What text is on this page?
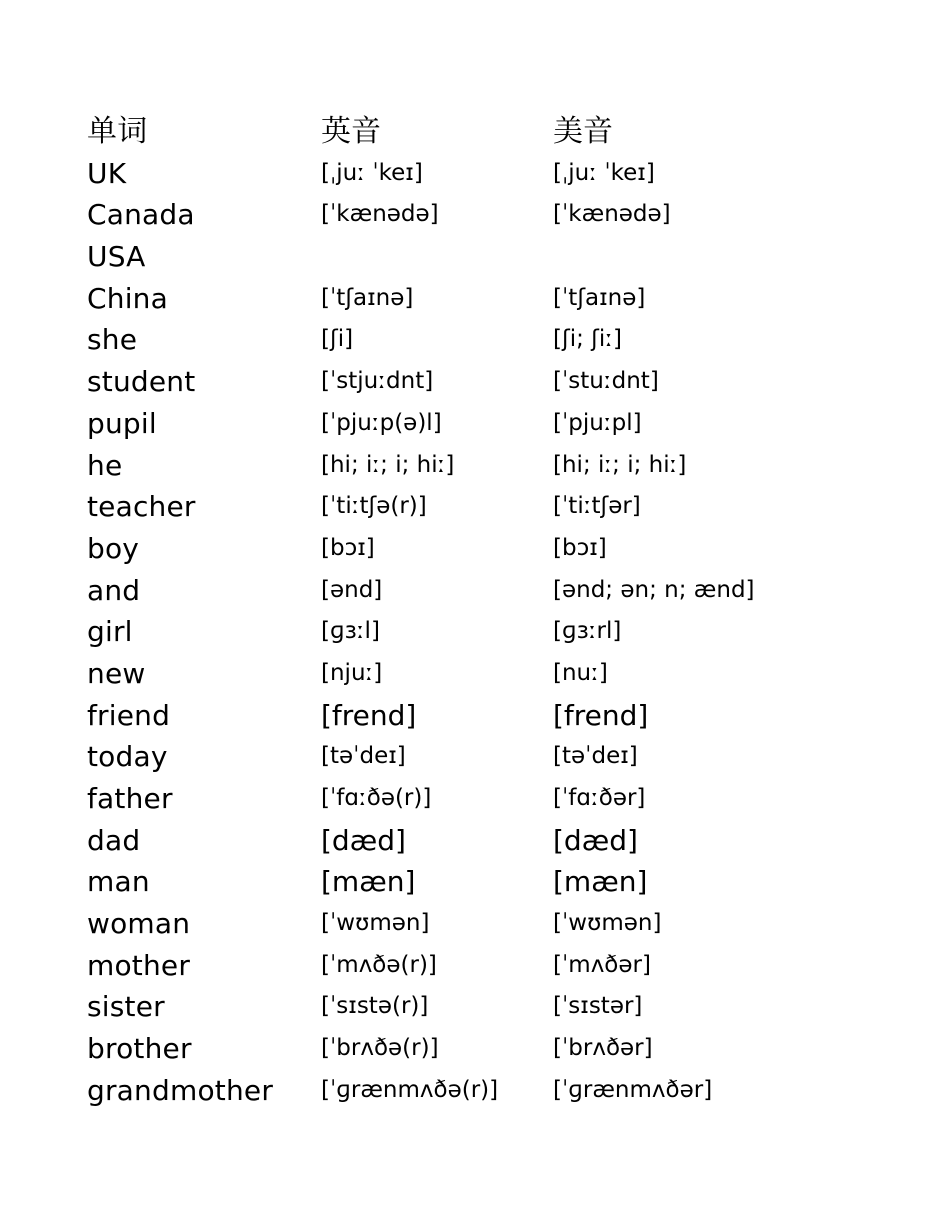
单词	英音	美音
UK	[ˌjuː ˈkeɪ]	[ˌjuː ˈkeɪ]
Canada	[ˈkænədə]	[ˈkænədə]
USA
China	[ˈtʃaɪnə]	[ˈtʃaɪnə]
she	[ʃi]	[ʃi; ʃiː]
student	[ˈstjuːdnt]	[ˈstuːdnt]
pupil	[ˈpjuːp(ə)l]	[ˈpjuːpl]
he	[hi; iː; i; hiː]	[hi; iː; i; hiː]
teacher	[ˈtiːtʃə(r)]	[ˈtiːtʃər]
boy	[bɔɪ]	[bɔɪ]
and	[ənd]	[ənd; ən; n; ænd]
girl	[ɡɜːl]	[ɡɜːrl]
new	[njuː]	[nuː]
friend	[frend]	[frend]
today	[təˈdeɪ]	[təˈdeɪ]
father	[ˈfɑːðə(r)]	[ˈfɑːðər]
dad	[dæd]	[dæd]
man	[mæn]	[mæn]
woman	[ˈwʊmən]	[ˈwʊmən]
mother	[ˈmʌðə(r)]	[ˈmʌðər]
sister	[ˈsɪstə(r)]	[ˈsɪstər]
brother	[ˈbrʌðə(r)]	[ˈbrʌðər]
grandmother [ˈɡrænmʌðə(r)] [ˈɡrænmʌðər]
